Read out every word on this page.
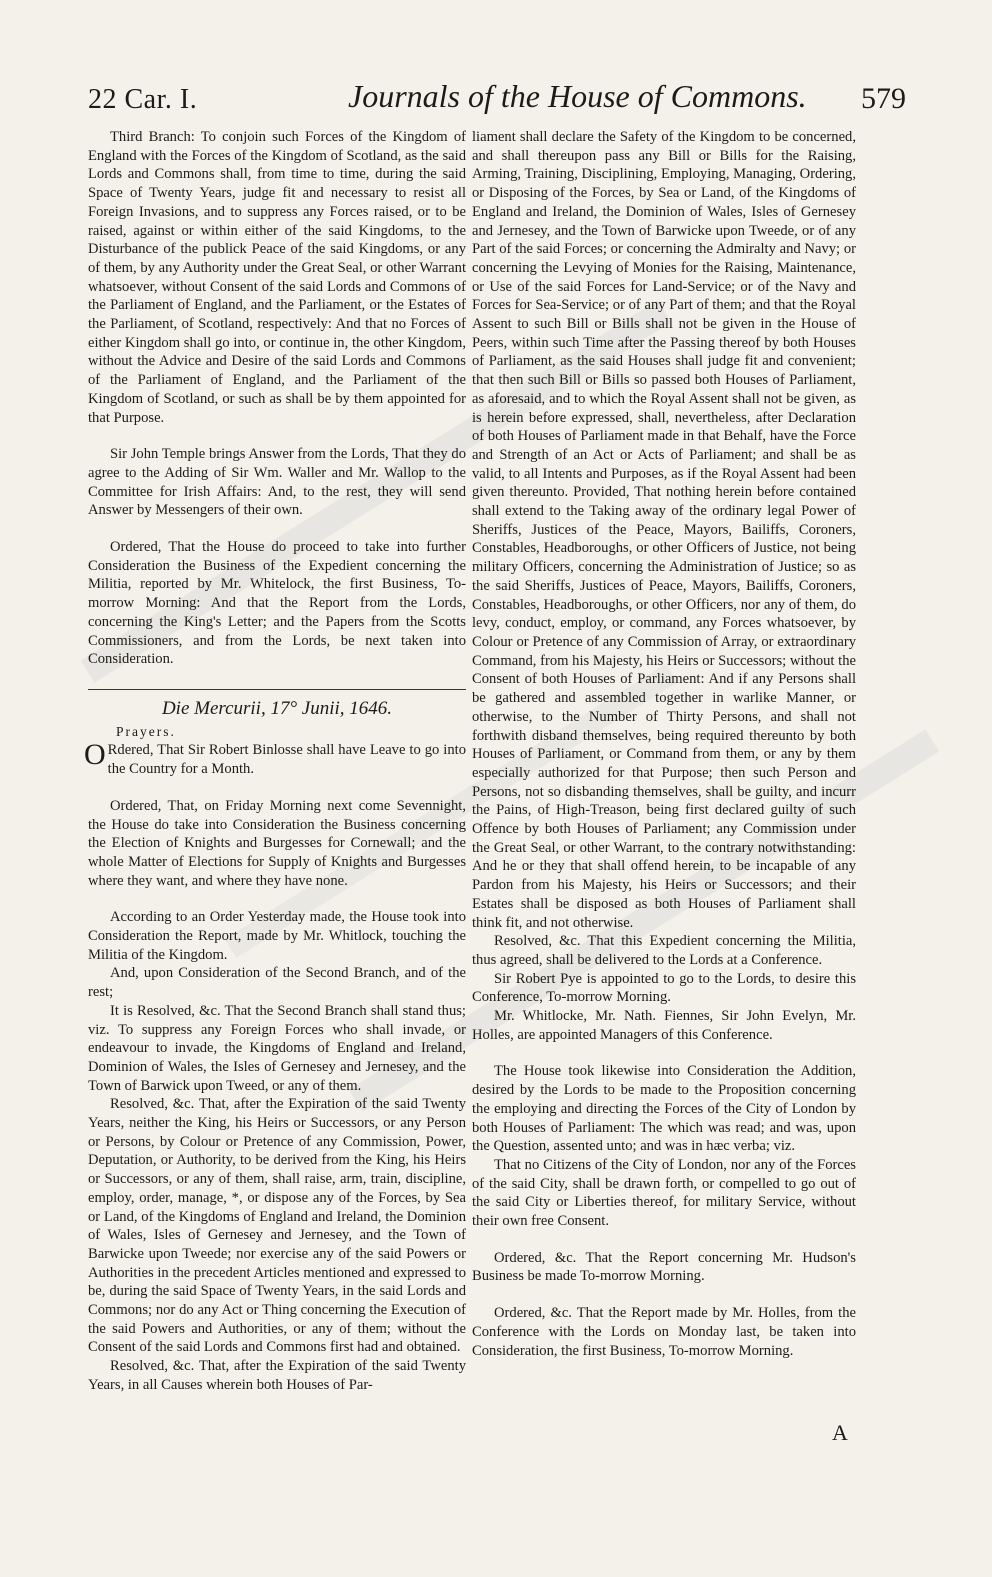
22 Car. I.	Journals of the House of Commons. 579

Third Branch: To conjoin such Forces of the Kingdom of England with the Forces of the Kingdom of Scotland, as the said Lords and Commons shall, from time to time, during the said Space of Twenty Years, judge fit and necessary to resist all Foreign Invasions, and to suppress any Forces raised, or to be raised, against or within either of the said Kingdoms, to the Disturbance of the publick Peace of the said Kingdoms, or any of them, by any Authority under the Great Seal, or other Warrant whatsoever, without Consent of the said Lords and Commons of the Parliament of England, and the Parliament, or the Estates of the Parliament, of Scotland, respectively: And that no Forces of either Kingdom shall go into, or continue in, the other Kingdom, without the Advice and Desire of the said Lords and Commons of the Parliament of England, and the Parliament of the Kingdom of Scotland, or such as shall be by them appointed for that Purpose.

Sir John Temple brings Answer from the Lords, That they do agree to the Adding of Sir Wm. Waller and Mr. Wallop to the Committee for Irish Affairs: And, to the rest, they will send Answer by Messengers of their own.

Ordered, That the House do proceed to take into further Consideration the Business of the Expedient concerning the Militia, reported by Mr. Whitelock, the first Business, To-morrow Morning: And that the Report from the Lords, concerning the King's Letter; and the Papers from the Scotts Commissioners, and from the Lords, be next taken into Consideration.

Die Mercurii, 17° Junii, 1646.

Prayers.

O Rdered, That Sir Robert Binlosse shall have Leave to go into the Country for a Month.

Ordered, That, on Friday Morning next come Sevennight, the House do take into Consideration the Business concerning the Election of Knights and Burgesses for Cornewall; and the whole Matter of Elections for Supply of Knights and Burgesses where they want, and where they have none.

According to an Order Yesterday made, the House took into Consideration the Report, made by Mr. Whitlock, touching the Militia of the Kingdom.

And, upon Consideration of the Second Branch, and of the rest;

It is Resolved, &c. That the Second Branch shall stand thus; viz. To suppress any Foreign Forces who shall invade, or endeavour to invade, the Kingdoms of England and Ireland, Dominion of Wales, the Isles of Gernesey and Jernesey, and the Town of Barwick upon Tweed, or any of them.

Resolved, &c. That, after the Expiration of the said Twenty Years, neither the King, his Heirs or Successors, or any Person or Persons, by Colour or Pretence of any Commission, Power, Deputation, or Authority, to be derived from the King, his Heirs or Successors, or any of them, shall raise, arm, train, discipline, employ, order, manage, *, or dispose any of the Forces, by Sea or Land, of the Kingdoms of England and Ireland, the Dominion of Wales, Isles of Gernesey and Jernesey, and the Town of Barwicke upon Tweede; nor exercise any of the said Powers or Authorities in the precedent Articles mentioned and expressed to be, during the said Space of Twenty Years, in the said Lords and Commons; nor do any Act or Thing concerning the Execution of the said Powers and Authorities, or any of them; without the Consent of the said Lords and Commons first had and obtained.

Resolved, &c. That, after the Expiration of the said Twenty Years, in all Causes wherein both Houses of Par-

liament shall declare the Safety of the Kingdom to be concerned, and shall thereupon pass any Bill or Bills for the Raising, Arming, Training, Disciplining, Employing, Managing, Ordering, or Disposing of the Forces, by Sea or Land, of the Kingdoms of England and Ireland, the Dominion of Wales, Isles of Gernesey and Jernesey, and the Town of Barwicke upon Tweede, or of any Part of the said Forces; or concerning the Admiralty and Navy; or concerning the Levying of Monies for the Raising, Maintenance, or Use of the said Forces for Land-Service; or of the Navy and Forces for Sea-Service; or of any Part of them; and that the Royal Assent to such Bill or Bills shall not be given in the House of Peers, within such Time after the Passing thereof by both Houses of Parliament, as the said Houses shall judge fit and convenient; that then such Bill or Bills so passed both Houses of Parliament, as aforesaid, and to which the Royal Assent shall not be given, as is herein before expressed, shall, nevertheless, after Declaration of both Houses of Parliament made in that Behalf, have the Force and Strength of an Act or Acts of Parliament; and shall be as valid, to all Intents and Purposes, as if the Royal Assent had been given thereunto. Provided, That nothing herein before contained shall extend to the Taking away of the ordinary legal Power of Sheriffs, Justices of the Peace, Mayors, Bailiffs, Coroners, Constables, Headboroughs, or other Officers of Justice, not being military Officers, concerning the Administration of Justice; so as the said Sheriffs, Justices of Peace, Mayors, Bailiffs, Coroners, Constables, Headboroughs, or other Officers, nor any of them, do levy, conduct, employ, or command, any Forces whatsoever, by Colour or Pretence of any Commission of Array, or extraordinary Command, from his Majesty, his Heirs or Successors; without the Consent of both Houses of Parliament: And if any Persons shall be gathered and assembled together in warlike Manner, or otherwise, to the Number of Thirty Persons, and shall not forthwith disband themselves, being required thereunto by both Houses of Parliament, or Command from them, or any by them especially authorized for that Purpose; then such Person and Persons, not so disbanding themselves, shall be guilty, and incurr the Pains, of High-Treason, being first declared guilty of such Offence by both Houses of Parliament; any Commission under the Great Seal, or other Warrant, to the contrary notwithstanding: And he or they that shall offend herein, to be incapable of any Pardon from his Majesty, his Heirs or Successors; and their Estates shall be disposed as both Houses of Parliament shall think fit, and not otherwise.

Resolved, &c. That this Expedient concerning the Militia, thus agreed, shall be delivered to the Lords at a Conference.

Sir Robert Pye is appointed to go to the Lords, to desire this Conference, To-morrow Morning.

Mr. Whitlocke, Mr. Nath. Fiennes, Sir John Evelyn, Mr. Holles, are appointed Managers of this Conference.

The House took likewise into Consideration the Addition, desired by the Lords to be made to the Proposition concerning the employing and directing the Forces of the City of London by both Houses of Parliament: The which was read; and was, upon the Question, assented unto; and was in hæc verba; viz.

That no Citizens of the City of London, nor any of the Forces of the said City, shall be drawn forth, or compelled to go out of the said City or Liberties thereof, for military Service, without their own free Consent.

Ordered, &c. That the Report concerning Mr. Hudson's Business be made To-morrow Morning.

Ordered, &c. That the Report made by Mr. Holles, from the Conference with the Lords on Monday last, be taken into Consideration, the first Business, To-morrow Morning.

A
